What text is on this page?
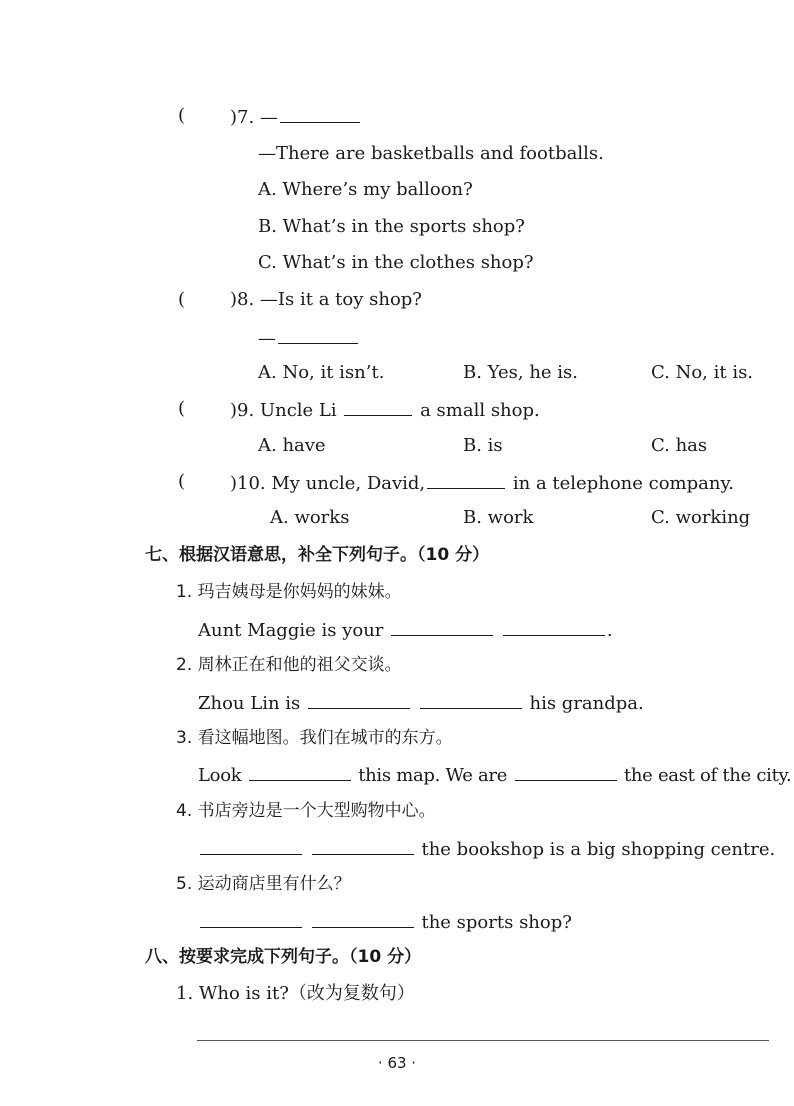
( )7. —
—There are basketballs and footballs.
A. Where’s my balloon?
B. What’s in the sports shop?
C. What’s in the clothes shop?
( )8. —Is it a toy shop?
—
A. No, it isn’t.	B. Yes, he is.	C. No, it is.
( )9. Uncle Li	a small shop.
A. have	B. is	C. has
( )10. My uncle, David,	in a telephone company.
A. works	B. work	C. working
七、根据汉语意思，补全下列句子。（10 分）
1. 玛吉姨母是你妈妈的妹妹。
Aunt Maggie is your	.
2. 周林正在和他的祖父交谈。
Zhou Lin is	his grandpa.
3. 看这幅地图。我们在城市的东方。
Look	this map. We are	the east of the city.
4. 书店旁边是一个大型购物中心。
the bookshop is a big shopping centre.
5. 运动商店里有什么？
the sports shop?
八、按要求完成下列句子。（10 分）
1. Who is it?（改为复数句）
· 63 ·
